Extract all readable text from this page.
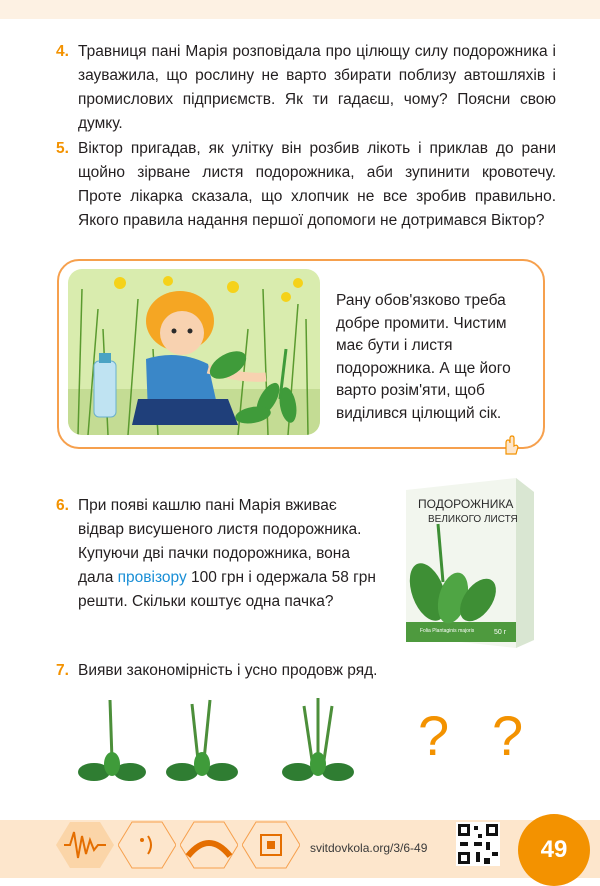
4. Травниця пані Марія розповідала про цілющу силу подорожника і зауважила, що рослину не варто збирати поблизу автошляхів і промислових підприємств. Як ти гадаєш, чому? Поясни свою думку.
5. Віктор пригадав, як улітку він розбив лікоть і приклав до рани щойно зірване листя подорожника, аби зупинити кровотечу. Проте лікарка сказала, що хлопчик не все зробив правильно. Якого правила надання першої допомоги не дотримався Віктор?
Рану обов'язково треба добре промити. Чистим має бути і листя подорожника. А ще його варто розім'яти, щоб виділився цілющий сік.
6. При появі кашлю пані Марія вживає відвар висушеного листя подорожника. Купуючи дві пачки подорожника, вона дала провізору 100 грн і одержала 58 грн решти. Скільки коштує одна пачка?
ПОДОРОЖНИКА
ВЕЛИКОГО ЛИСТЯ
Folia Plantaginis majoris	50 г
7. Вияви закономірність і усно продовж ряд.
? ?
svitdovkola.org/3/6-49	49
